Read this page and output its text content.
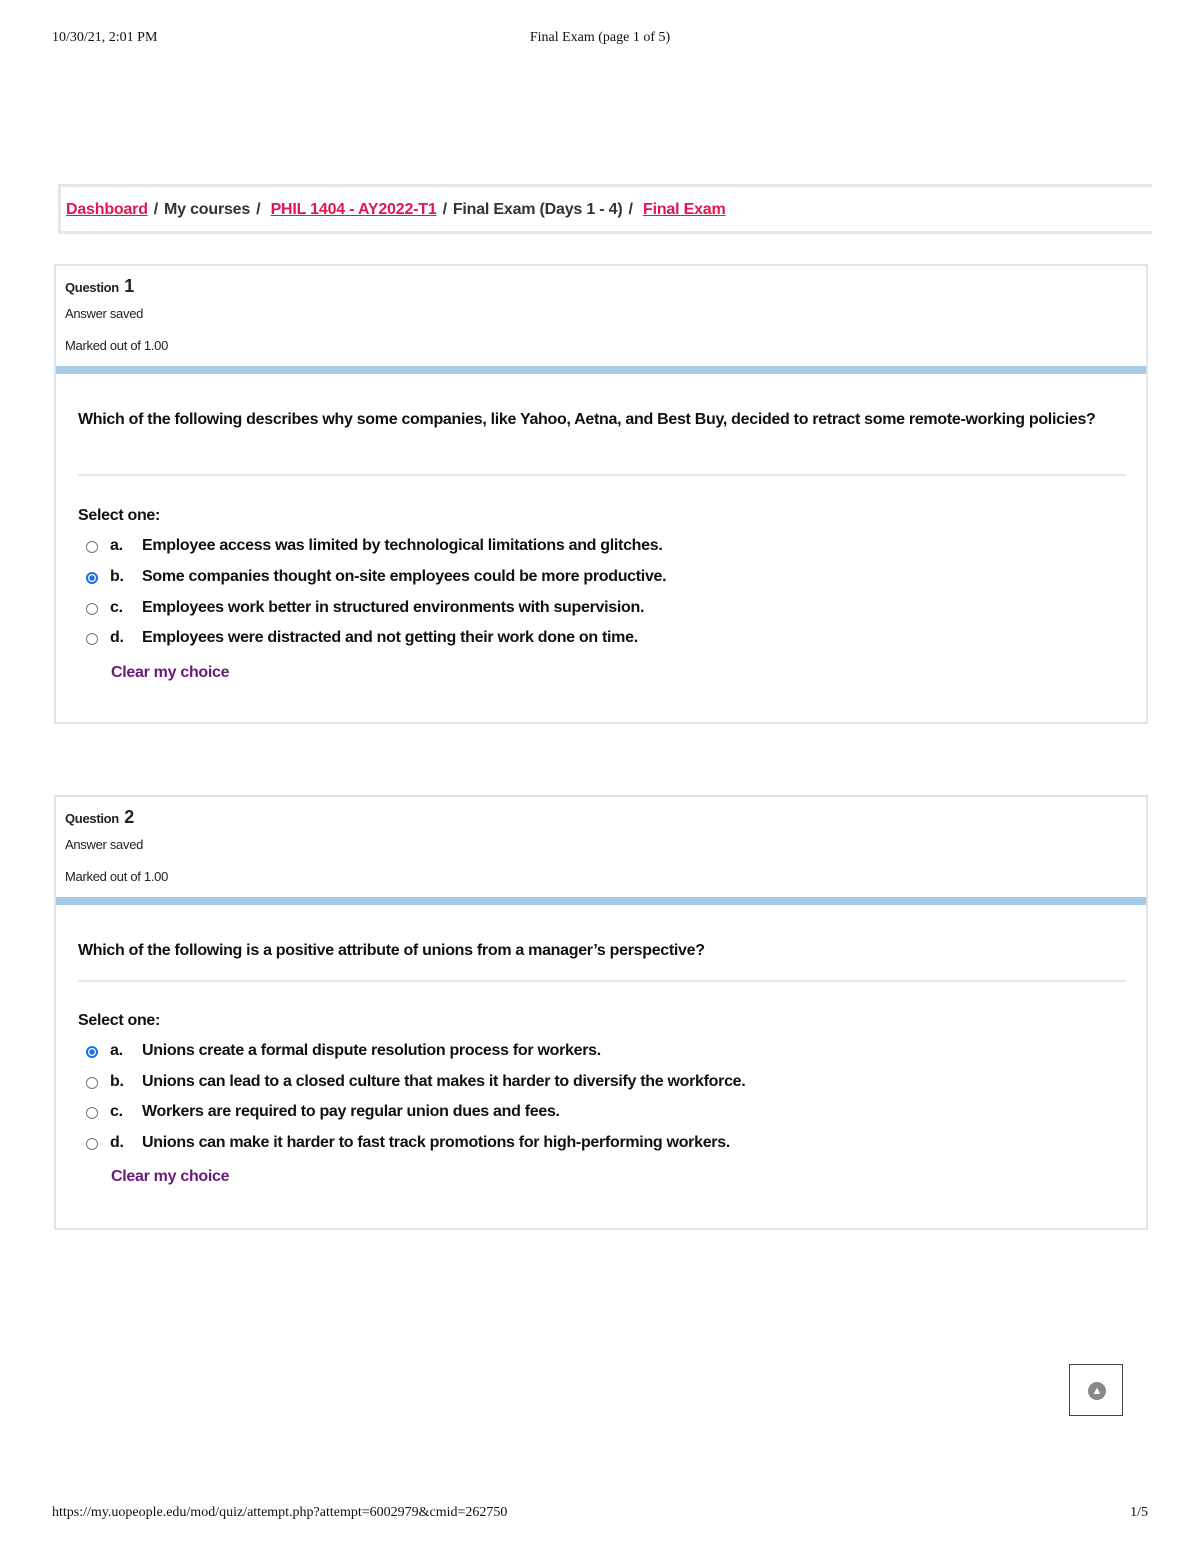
10/30/21, 2:01 PM	Final Exam (page 1 of 5)
Dashboard / My courses / PHIL 1404 - AY2022-T1 / Final Exam (Days 1 - 4) / Final Exam
Question 1
Answer saved
Marked out of 1.00
Which of the following describes why some companies, like Yahoo, Aetna, and Best Buy, decided to retract some remote-working policies?
Select one:
a. Employee access was limited by technological limitations and glitches.
b. Some companies thought on-site employees could be more productive.
c. Employees work better in structured environments with supervision.
d. Employees were distracted and not getting their work done on time.
Clear my choice
Question 2
Answer saved
Marked out of 1.00
Which of the following is a positive attribute of unions from a manager’s perspective?
Select one:
a. Unions create a formal dispute resolution process for workers.
b. Unions can lead to a closed culture that makes it harder to diversify the workforce.
c. Workers are required to pay regular union dues and fees.
d. Unions can make it harder to fast track promotions for high-performing workers.
Clear my choice
▲
https://my.uopeople.edu/mod/quiz/attempt.php?attempt=6002979&cmid=262750	1/5
